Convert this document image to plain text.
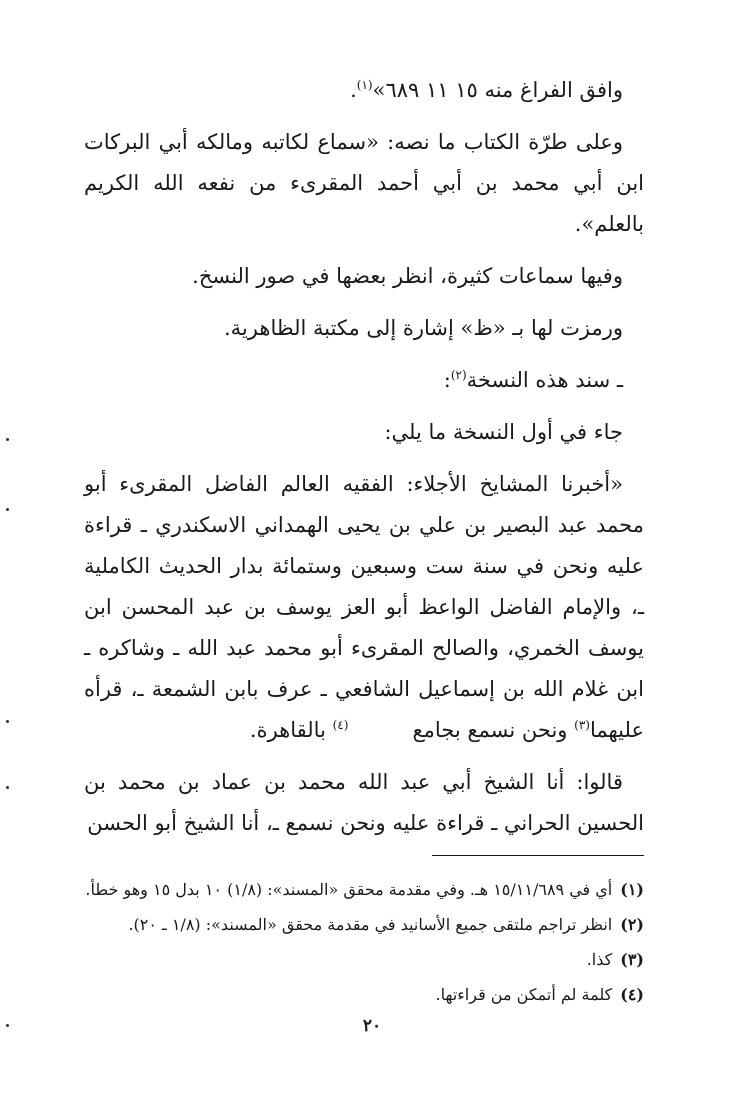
وافق الفراغ منه ١٥ ١١ ٦٨٩»$^{(١)}$.

وعلى طرّة الكتاب ما نصه: «سماع لكاتبه ومالكه أبي البركات ابن أبي محمد بن أبي أحمد المقرىء من نفعه الله الكريم بالعلم».

وفيها سماعات كثيرة، انظر بعضها في صور النسخ.

ورمزت لها بـ «ظ» إشارة إلى مكتبة الظاهرية.

ـ سند هذه النسخة$^{(٢)}$:

جاء في أول النسخة ما يلي:

«أخبرنا المشايخ الأجلاء: الفقيه العالم الفاضل المقرىء أبو محمد عبد البصير بن علي بن يحيى الهمداني الاسكندري ـ قراءة عليه ونحن في سنة ست وسبعين وستمائة بدار الحديث الكاملية ـ، والإمام الفاضل الواعظ أبو العز يوسف بن عبد المحسن ابن يوسف الخمري، والصالح المقرىء أبو محمد عبد الله ـ وشاكره ـ ابن غلام الله بن إسماعيل الشافعي ـ عرف بابن الشمعة ـ، قرأه عليهما$^{(٣)}$ ونحن نسمع بجامع$^{(٤)}$ بالقاهرة.

قالوا: أنا الشيخ أبي عبد الله محمد بن عماد بن محمد بن الحسين الحراني ـ قراءة عليه ونحن نسمع ـ، أنا الشيخ أبو الحسن

(١)أي في ١٥/١١/٦٨٩ هـ. وفي مقدمة محقق «المسند»: (١/٨) ١٠ بدل ١٥ وهو خطأ.

(٢)انظر تراجم ملتقى جميع الأسانيد في مقدمة محقق «المسند»: (١/٨ ـ ٢٠).

(٣)كذا.

(٤)كلمة لم أتمكن من قراءتها.

٢٠
